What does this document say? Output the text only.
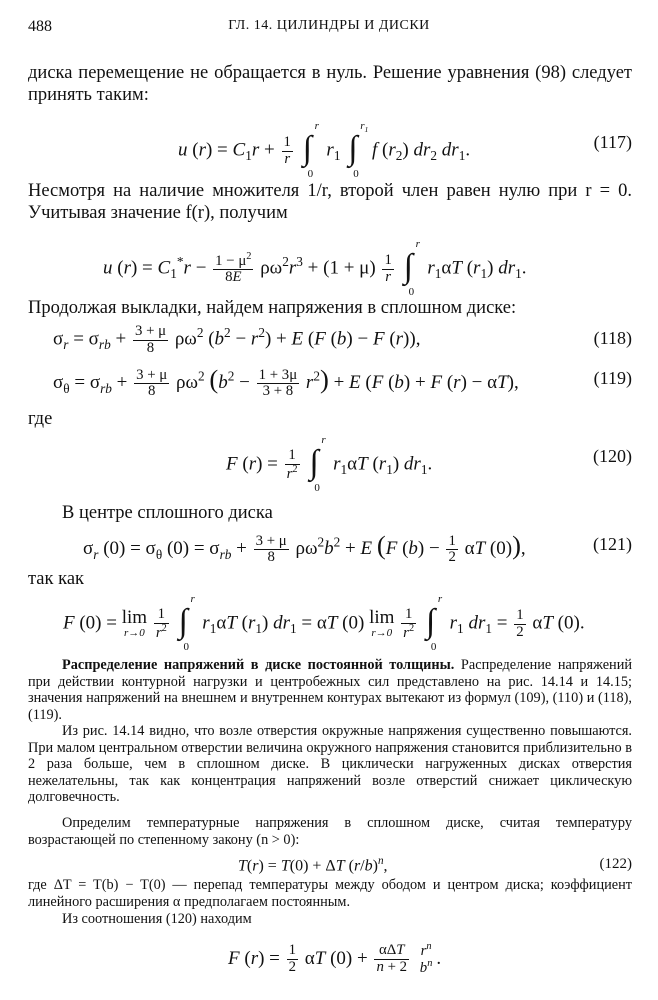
488	ГЛ. 14. ЦИЛИНДРЫ И ДИСКИ
диска перемещение не обращается в нуль. Решение уравнения (98) следует принять таким:
u $(r) = C_1r + \frac{1}{r}$
∫
r
0
$r_1$ ∫
$r_1$
0
f $(r_2)$ $dr_2$ $dr_1$.	(117)
Несмотря на наличие множителя 1/r, второй член равен нулю при r = 0. Учитывая значение f(r), получим
u $(r) = C_1^*r - \frac{1 - \mu^2}{8E} \rho\omega^2r^3 + (1 + \mu) \frac{1}{r}$
∫
r
0
$r_1\alpha T$ $(r_1)$ $dr_1$.
Продолжая выкладки, найдем напряжения в сплошном диске:
$\sigma_r = \sigma_{rb} + \frac{3 + \mu}{8} \rho\omega^2$ $(b^2 - r^2) + E$ (F (b) − F (r)),	(118)
$\sigma_\theta = \sigma_{rb} + \frac{3 + \mu}{8} \rho\omega^2$ $(b^2 - \frac{1 + 3\mu}{3 + 8} r^2) + E$ (F (b) + F (r) − αT),	(119)
где
F $(r) = \frac{1}{r^2}$
∫
r
0
$r_1\alpha T$ $(r_1)$ $dr_1$.	(120)
В центре сплошного диска
$\sigma_r$ $(0) = \sigma_\theta$ $(0) = \sigma_{rb} + \frac{3 + \mu}{8} \rho\omega^2b^2 + E$ (F $(b) - \frac{1}{2}$ αT (0)),	(121)
так как
F (0) = lim
r→0
$\frac{1}{r^2}$
∫
r
0
$r_1\alpha T$ $(r_1) dr_1 = \alpha T$ (0) lim
r→0
$\frac{1}{r^2}$
∫
r
0
$r_1$ $dr_1 = \frac{1}{2}$ αT (0).
Распределение напряжений в диске постоянной толщины. Распределение напряжений при действии контурной нагрузки и центробежных сил представлено на рис. 14.14 и 14.15; значения напряжений на внешнем и внутреннем контурах вытекают из формул (109), (110) и (118), (119).
Из рис. 14.14 видно, что возле отверстия окружные напряжения существенно повышаются. При малом центральном отверстии величина окружного напряжения становится приблизительно в 2 раза больше, чем в сплошном диске. В циклически нагруженных дисках отверстия нежелательны, так как концентрация напряжений возле отверстий снижает циклическую долговечность.
Определим температурные напряжения в сплошном диске, считая температуру возрастающей по степенному закону (n > 0):
T(r) = T(0) + ΔT $(r/b)^n$,	(122)
где ΔT = T(b) − T(0) — перепад температуры между ободом и центром диска; коэффициент линейного расширения α предполагаем постоянным.
Из соотношения (120) находим
F $(r) = \frac{1}{2}$ αT $(0) + \frac{\text{αΔT}}{n + 2}$
$r^n$
$b^n$ .
